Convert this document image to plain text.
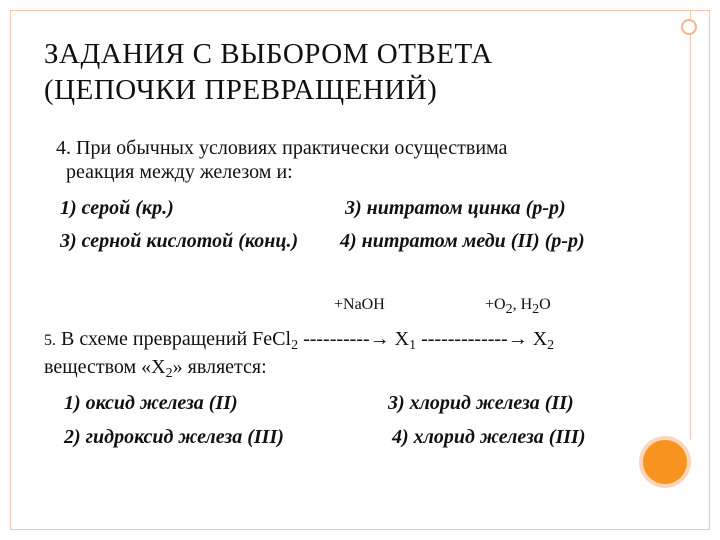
ЗАДАНИЯ С ВЫБОРОМ ОТВЕТА
(ЦЕПОЧКИ ПРЕВРАЩЕНИЙ)
4. При обычных условиях практически осуществима
реакция между железом и:
1) серой (кр.)	3) нитратом цинка (р-р)
3) серной кислотой (конц.) 4) нитратом меди (II) (р-р)
+NaOH	+O2, H2O
5. В схеме превращений FeCl$_2$ ----------→ $X_1$ -------------→ $X_2$
веществом «$X_2$» является:
1) оксид железа (II)	3) хлорид железа (II)
2) гидроксид железа (III)	4) хлорид железа (III)
